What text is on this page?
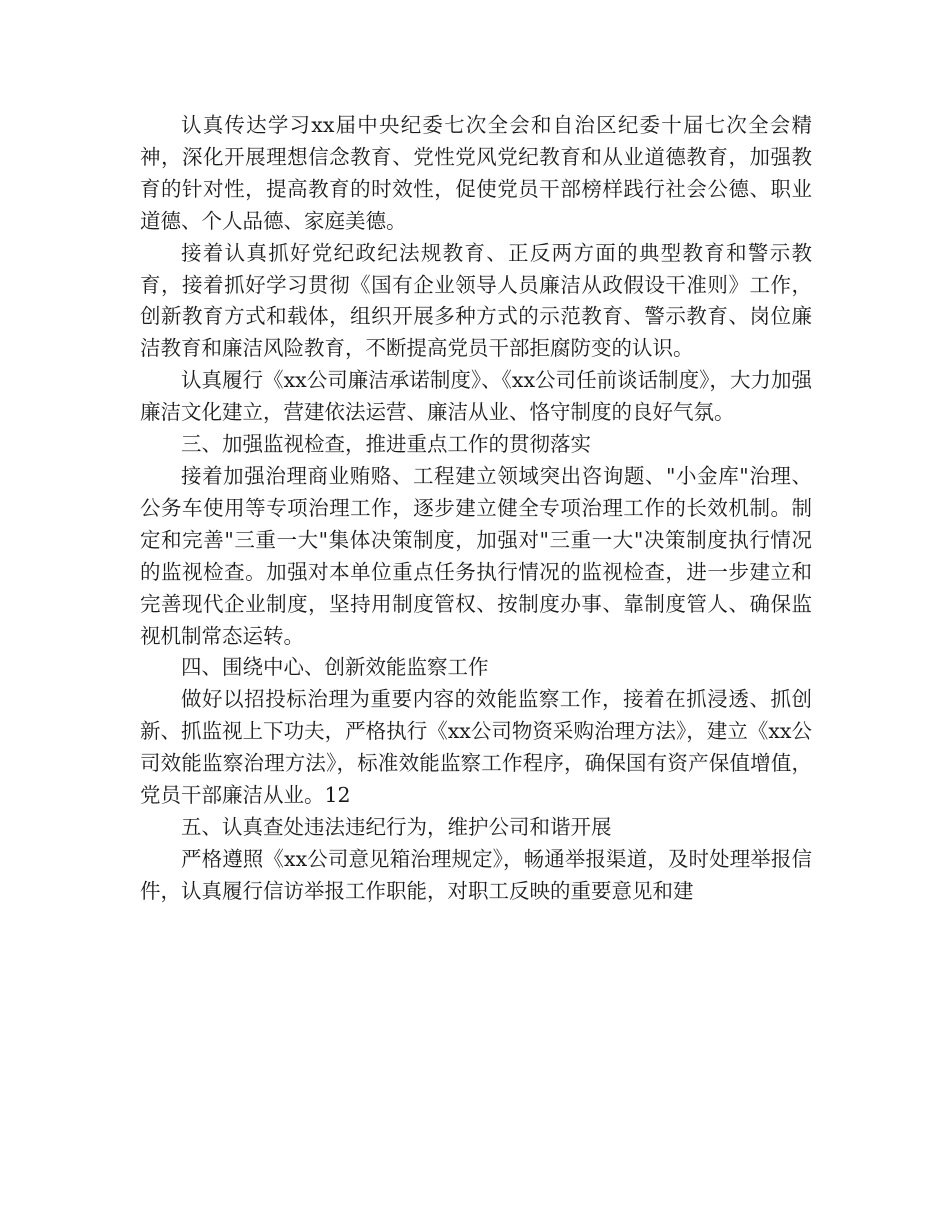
认真传达学习xx届中央纪委七次全会和自治区纪委十届七次全会精神，深化开展理想信念教育、党性党风党纪教育和从业道德教育，加强教育的针对性，提高教育的时效性，促使党员干部榜样践行社会公德、职业道德、个人品德、家庭美德。

接着认真抓好党纪政纪法规教育、正反两方面的典型教育和警示教育，接着抓好学习贯彻《国有企业领导人员廉洁从政假设干准则》工作，创新教育方式和载体，组织开展多种方式的示范教育、警示教育、岗位廉洁教育和廉洁风险教育，不断提高党员干部拒腐防变的认识。

认真履行《xx公司廉洁承诺制度》、《xx公司任前谈话制度》，大力加强廉洁文化建立，营建依法运营、廉洁从业、恪守制度的良好气氛。

三、加强监视检查，推进重点工作的贯彻落实

接着加强治理商业贿赂、工程建立领域突出咨询题、"小金库"治理、公务车使用等专项治理工作，逐步建立健全专项治理工作的长效机制。制定和完善"三重一大"集体决策制度，加强对"三重一大"决策制度执行情况的监视检查。加强对本单位重点任务执行情况的监视检查，进一步建立和完善现代企业制度，坚持用制度管权、按制度办事、靠制度管人、确保监视机制常态运转。

四、围绕中心、创新效能监察工作

做好以招投标治理为重要内容的效能监察工作，接着在抓浸透、抓创新、抓监视上下功夫，严格执行《xx公司物资采购治理方法》，建立《xx公司效能监察治理方法》，标准效能监察工作程序，确保国有资产保值增值，党员干部廉洁从业。12

五、认真查处违法违纪行为，维护公司和谐开展

严格遵照《xx公司意见箱治理规定》，畅通举报渠道，及时处理举报信件，认真履行信访举报工作职能，对职工反映的重要意见和建
